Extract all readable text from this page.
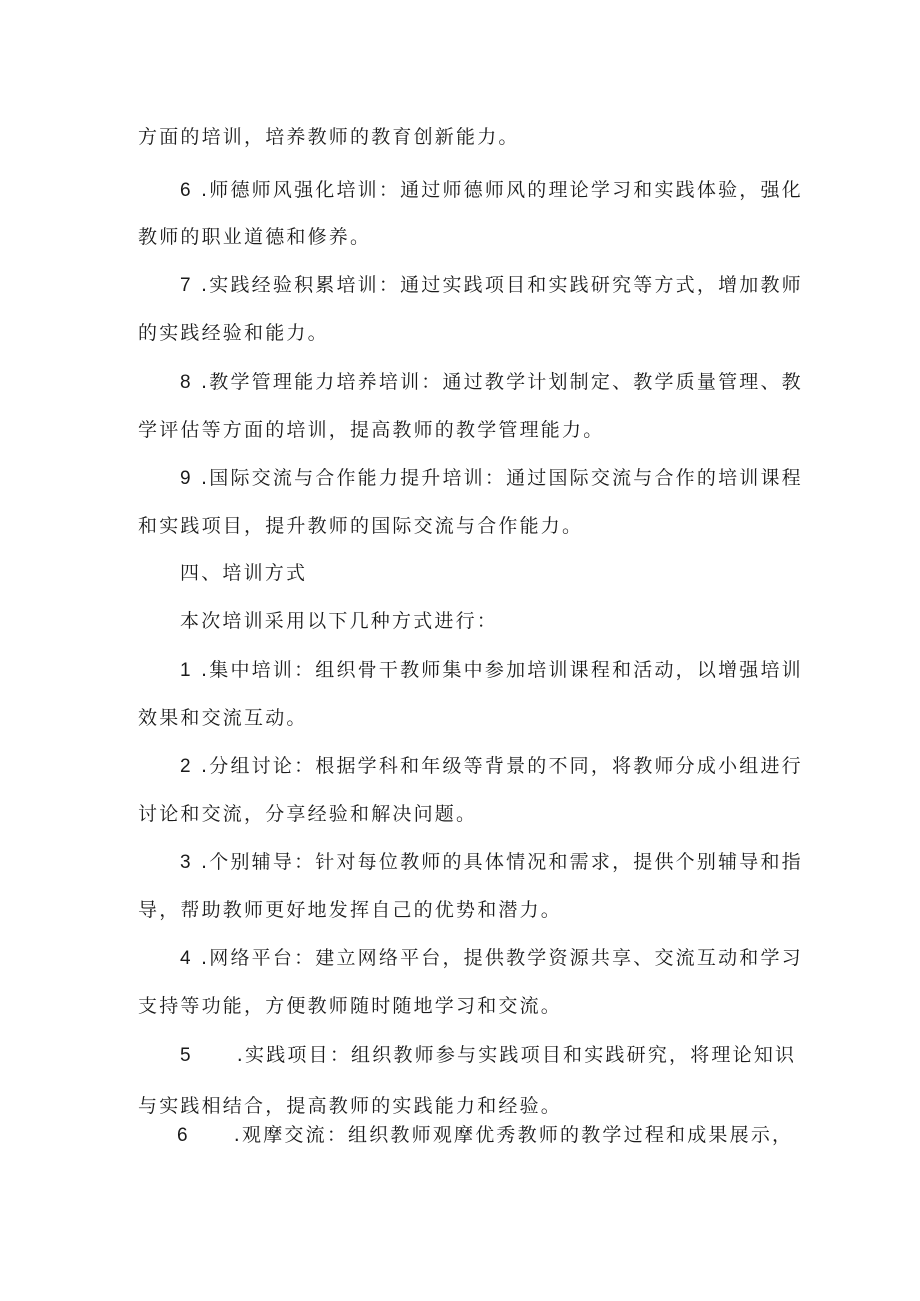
方面的培训，培养教师的教育创新能力。
6 .师德师风强化培训：通过师德师风的理论学习和实践体验，强化
教师的职业道德和修养。
7 .实践经验积累培训：通过实践项目和实践研究等方式，增加教师
的实践经验和能力。
8 .教学管理能力培养培训：通过教学计划制定、教学质量管理、教
学评估等方面的培训，提高教师的教学管理能力。
9 .国际交流与合作能力提升培训：通过国际交流与合作的培训课程
和实践项目，提升教师的国际交流与合作能力。
四、培训方式
本次培训采用以下几种方式进行：
1 .集中培训：组织骨干教师集中参加培训课程和活动，以增强培训
效果和交流互动。
2 .分组讨论：根据学科和年级等背景的不同，将教师分成小组进行
讨论和交流，分享经验和解决问题。
3 .个别辅导：针对每位教师的具体情况和需求，提供个别辅导和指
导，帮助教师更好地发挥自己的优势和潜力。
4 .网络平台：建立网络平台，提供教学资源共享、交流互动和学习
支持等功能，方便教师随时随地学习和交流。
5 .实践项目：组织教师参与实践项目和实践研究，将理论知识
与实践相结合，提高教师的实践能力和经验。
6 .观摩交流：组织教师观摩优秀教师的教学过程和成果展示，
